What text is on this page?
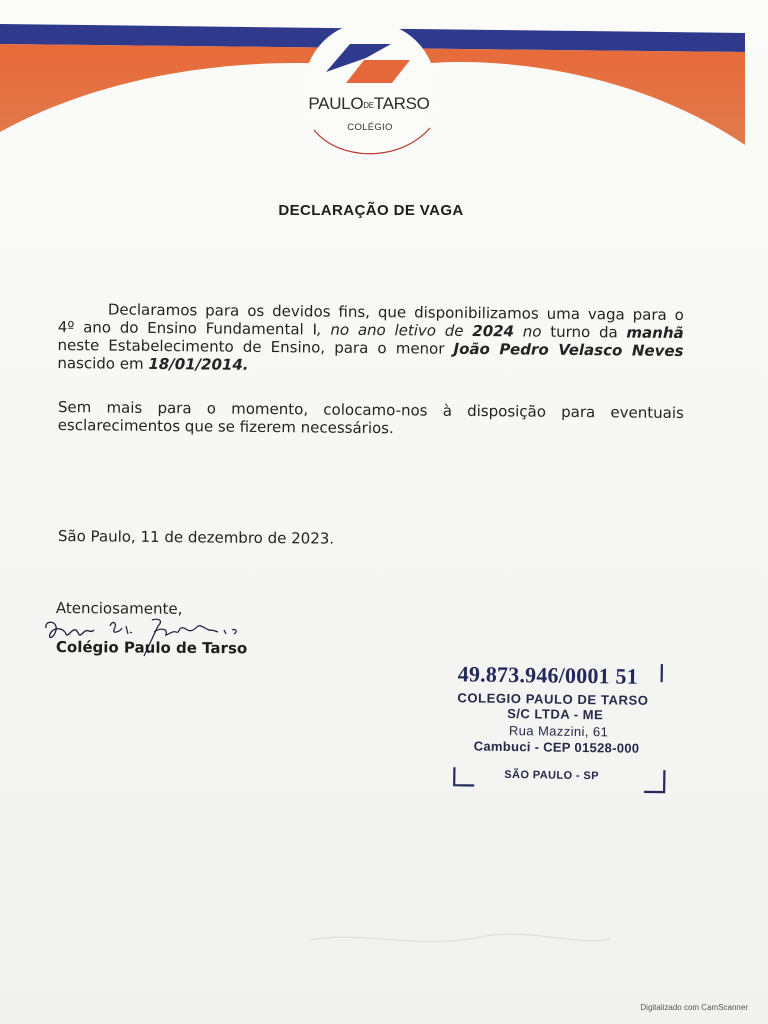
PAULODETARSO
COLÉGIO
DECLARAÇÃO DE VAGA
Declaramos para os devidos fins, que disponibilizamos uma vaga para o
4º ano do Ensino Fundamental I, no ano letivo de 2024 no turno da manhã
neste Estabelecimento de Ensino, para o menor João Pedro Velasco Neves
nascido em 18/01/2014.
Sem mais para o momento, colocamo-nos à disposição para eventuais
esclarecimentos que se fizerem necessários.
São Paulo, 11 de dezembro de 2023.
Atenciosamente,
Colégio Paulo de Tarso
49.873.946/0001 51
COLEGIO PAULO DE TARSO
S/C LTDA - ME
Rua Mazzini, 61
Cambuci - CEP 01528-000
SÃO PAULO - SP
Digitalizado com CamScanner
